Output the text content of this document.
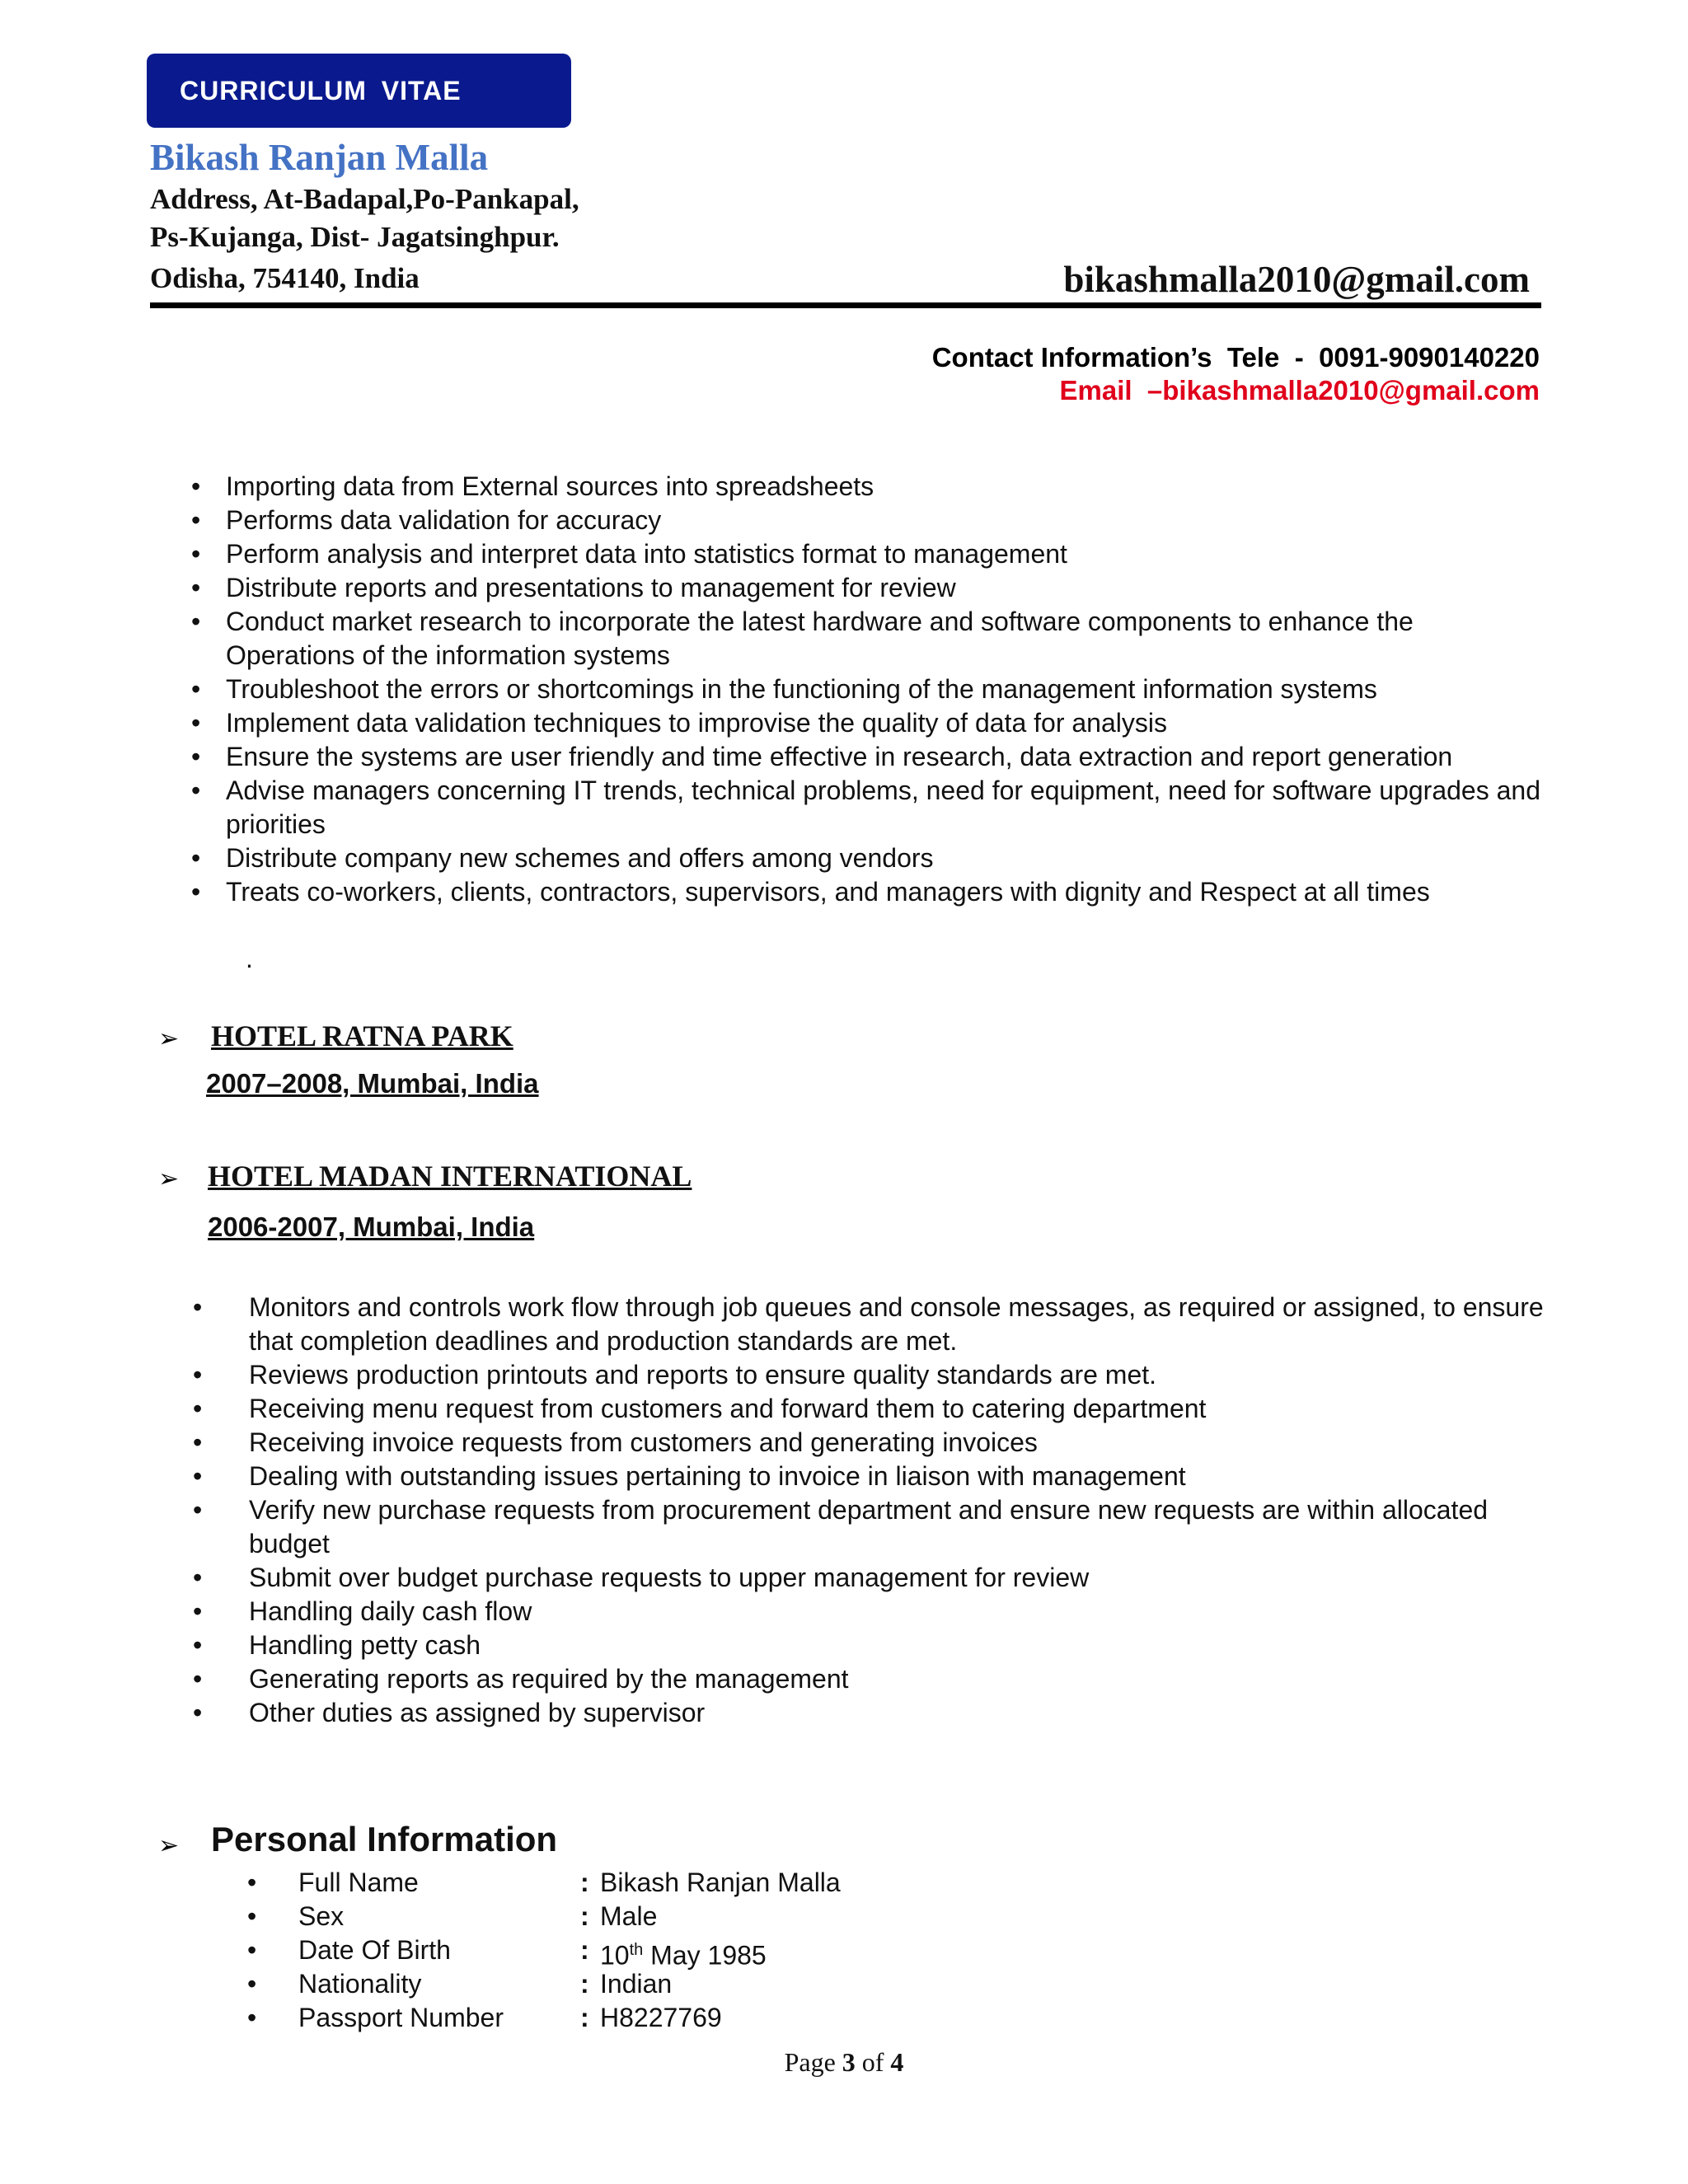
CURRICULUM VITAE
Bikash Ranjan Malla
Address, At-Badapal,Po-Pankapal,
Ps-Kujanga, Dist- Jagatsinghpur.
Odisha, 754140, India	bikashmalla2010@gmail.com
Contact Information’s  Tele  -  0091-9090140220
Email  –bikashmalla2010@gmail.com
• Importing data from External sources into spreadsheets
• Performs data validation for accuracy
• Perform analysis and interpret data into statistics format to management
• Distribute reports and presentations to management for review
• Conduct market research to incorporate the latest hardware and software components to enhance the Operations of the information systems
• Troubleshoot the errors or shortcomings in the functioning of the management information systems
• Implement data validation techniques to improvise the quality of data for analysis
• Ensure the systems are user friendly and time effective in research, data extraction and report generation
• Advise managers concerning IT trends, technical problems, need for equipment, need for software upgrades and priorities
• Distribute company new schemes and offers among vendors
• Treats co-workers, clients, contractors, supervisors, and managers with dignity and Respect at all times
.
➢ HOTEL RATNA PARK
2007–2008, Mumbai, India
➢ HOTEL MADAN INTERNATIONAL
2006-2007, Mumbai, India
• Monitors and controls work flow through job queues and console messages, as required or assigned, to ensure that completion deadlines and production standards are met.
• Reviews production printouts and reports to ensure quality standards are met.
• Receiving menu request from customers and forward them to catering department
• Receiving invoice requests from customers and generating invoices
• Dealing with outstanding issues pertaining to invoice in liaison with management
• Verify new purchase requests from procurement department and ensure new requests are within allocated budget
• Submit over budget purchase requests to upper management for review
• Handling daily cash flow
• Handling petty cash
• Generating reports as required by the management
• Other duties as assigned by supervisor
➢ Personal Information
•	Full Name	: Bikash Ranjan Malla
•	Sex	: Male
•	Date Of Birth	: 10th May 1985
•	Nationality	: Indian
•	Passport Number	: H8227769
Page 3 of 4
